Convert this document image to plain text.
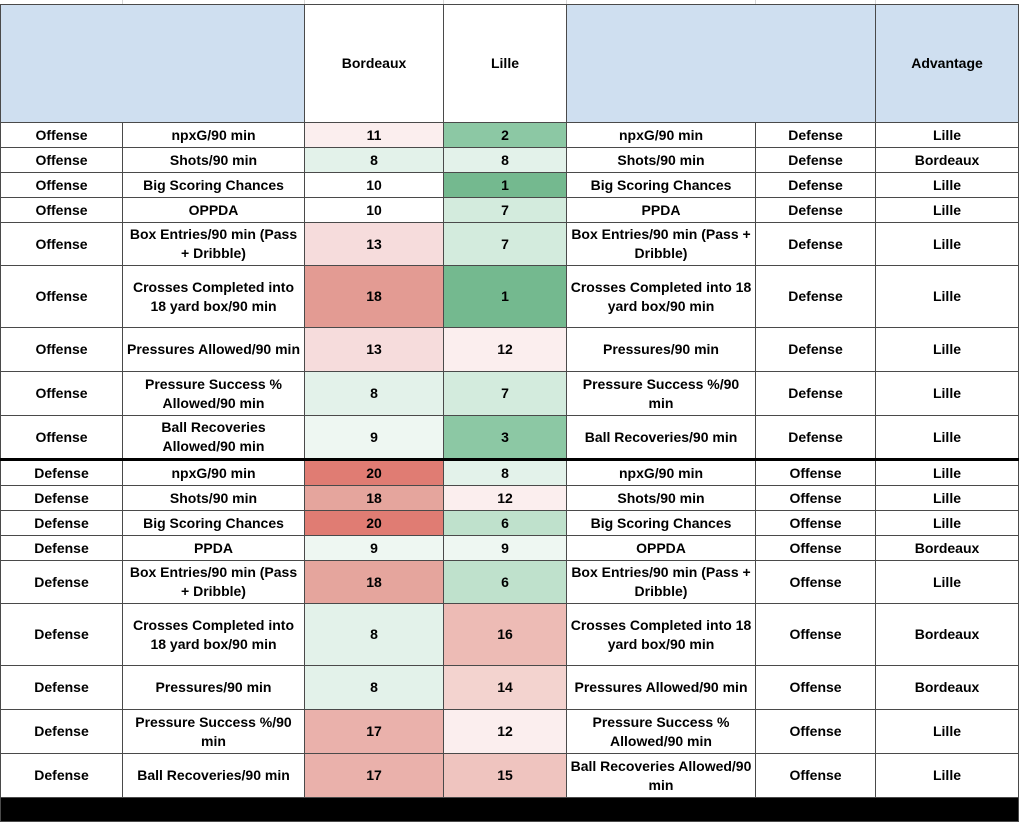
		Bordeaux	Lille			Advantage
Offense	npxG/90 min	11	2	npxG/90 min	Defense	Lille
Offense	Shots/90 min	8	8	Shots/90 min	Defense	Bordeaux
Offense	Big Scoring Chances	10	1	Big Scoring Chances	Defense	Lille
Offense	OPPDA	10	7	PPDA	Defense	Lille
Offense	Box Entries/90 min (Pass + Dribble)	13	7	Box Entries/90 min (Pass + Dribble)	Defense	Lille
Offense	Crosses Completed into 18 yard box/90 min	18	1	Crosses Completed into 18 yard box/90 min	Defense	Lille
Offense	Pressures Allowed/90 min	13	12	Pressures/90 min	Defense	Lille
Offense	Pressure Success % Allowed/90 min	8	7	Pressure Success %/90 min	Defense	Lille
Offense	Ball Recoveries Allowed/90 min	9	3	Ball Recoveries/90 min	Defense	Lille
Defense	npxG/90 min	20	8	npxG/90 min	Offense	Lille
Defense	Shots/90 min	18	12	Shots/90 min	Offense	Lille
Defense	Big Scoring Chances	20	6	Big Scoring Chances	Offense	Lille
Defense	PPDA	9	9	OPPDA	Offense	Bordeaux
Defense	Box Entries/90 min (Pass + Dribble)	18	6	Box Entries/90 min (Pass + Dribble)	Offense	Lille
Defense	Crosses Completed into 18 yard box/90 min	8	16	Crosses Completed into 18 yard box/90 min	Offense	Bordeaux
Defense	Pressures/90 min	8	14	Pressures Allowed/90 min	Offense	Bordeaux
Defense	Pressure Success %/90 min	17	12	Pressure Success % Allowed/90 min	Offense	Lille
Defense	Ball Recoveries/90 min	17	15	Ball Recoveries Allowed/90 min	Offense	Lille
Data provided from fbref.com, understat.com, and infogol.net						
